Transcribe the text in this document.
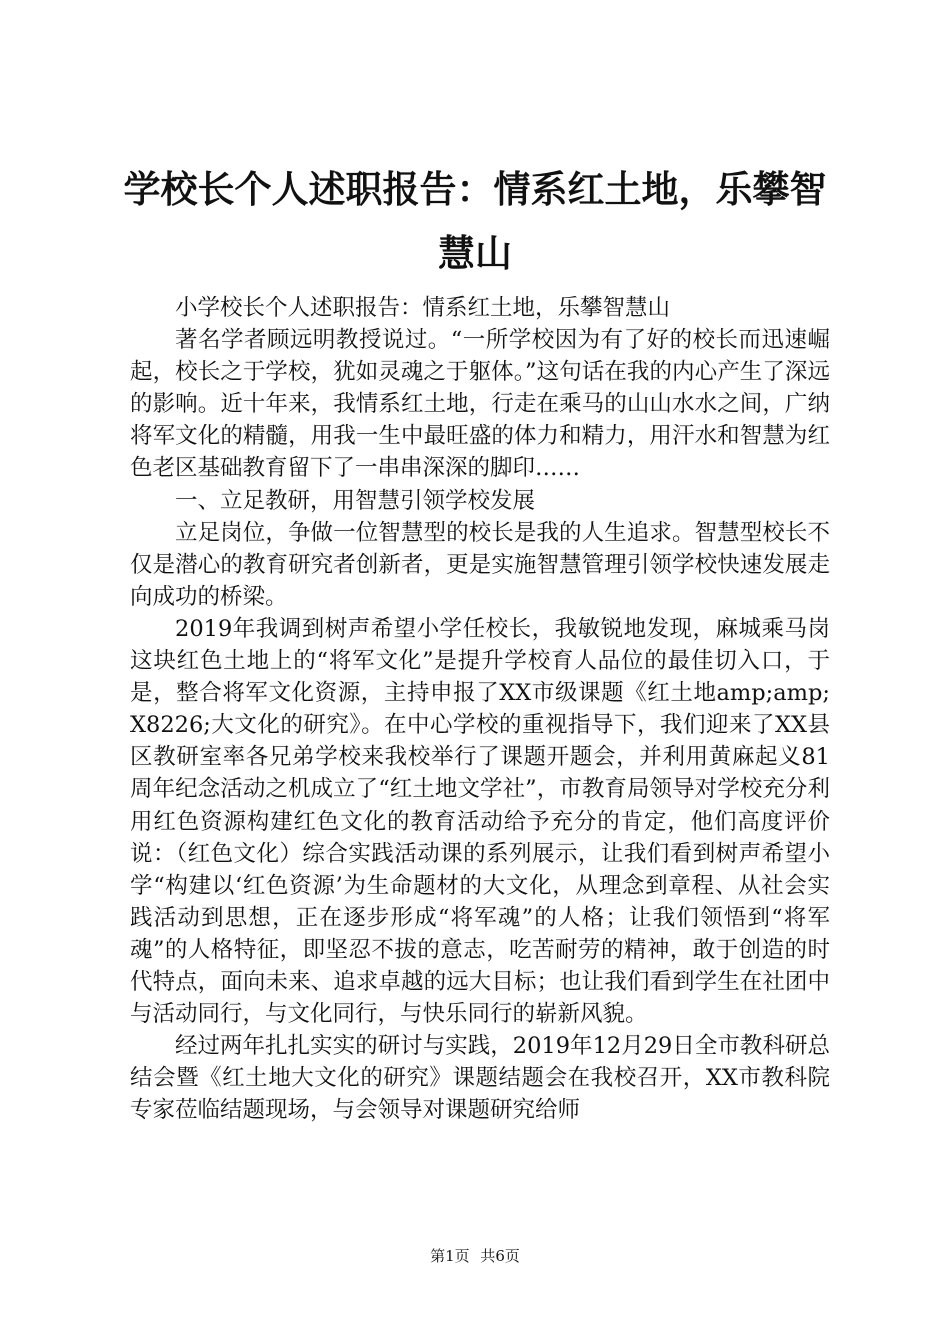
学校长个人述职报告：情系红土地，乐攀智慧山

小学校长个人述职报告：情系红土地，乐攀智慧山

著名学者顾远明教授说过。“一所学校因为有了好的校长而迅速崛起，校长之于学校，犹如灵魂之于躯体。”这句话在我的内心产生了深远的影响。近十年来，我情系红土地，行走在乘马的山山水水之间，广纳将军文化的精髓，用我一生中最旺盛的体力和精力，用汗水和智慧为红色老区基础教育留下了一串串深深的脚印……

一、立足教研，用智慧引领学校发展

立足岗位，争做一位智慧型的校长是我的人生追求。智慧型校长不仅是潜心的教育研究者创新者，更是实施智慧管理引领学校快速发展走向成功的桥梁。

2019年我调到树声希望小学任校长，我敏锐地发现，麻城乘马岗这块红色土地上的“将军文化”是提升学校育人品位的最佳切入口，于是，整合将军文化资源，主持申报了XX市级课题《红土地amp;amp;X8226;大文化的研究》。在中心学校的重视指导下，我们迎来了XX县区教研室率各兄弟学校来我校举行了课题开题会，并利用黄麻起义81周年纪念活动之机成立了“红土地文学社”，市教育局领导对学校充分利用红色资源构建红色文化的教育活动给予充分的肯定，他们高度评价说：（红色文化）综合实践活动课的系列展示，让我们看到树声希望小学“构建以‘红色资源’为生命题材的大文化，从理念到章程、从社会实践活动到思想，正在逐步形成“将军魂”的人格；让我们领悟到“将军魂”的人格特征，即坚忍不拔的意志，吃苦耐劳的精神，敢于创造的时代特点，面向未来、追求卓越的远大目标；也让我们看到学生在社团中与活动同行，与文化同行，与快乐同行的崭新风貌。

经过两年扎扎实实的研讨与实践，2019年12月29日全市教科研总结会暨《红土地大文化的研究》课题结题会在我校召开，XX市教科院专家莅临结题现场，与会领导对课题研究给师

第1页 共6页
